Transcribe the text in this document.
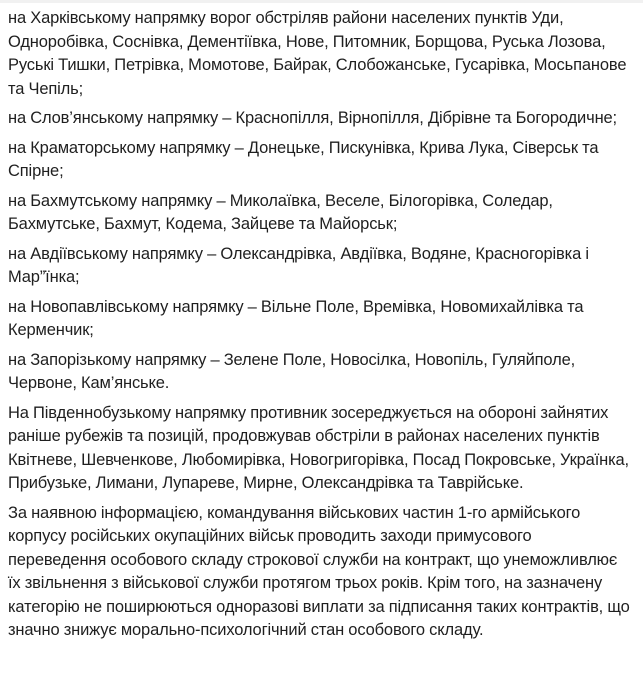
на Харківському напрямку ворог обстріляв райони населених пунктів Уди, Одноробівка, Соснівка, Дементіївка, Нове, Питомник, Борщова, Руська Лозова, Руські Тишки, Петрівка, Момотове, Байрак, Слобожанське, Гусарівка, Мосьпанове та Чепіль;

на Слов’янському напрямку – Краснопілля, Вірнопілля, Дібрівне та Богородичне;

на Краматорському напрямку – Донецьке, Пискунівка, Крива Лука, Сіверськ та Спірне;

на Бахмутському напрямку – Миколаївка, Веселе, Білогорівка, Соледар, Бахмутське, Бахмут, Кодема, Зайцеве та Майорськ;

на Авдіївському напрямку – Олександрівка, Авдіївка, Водяне, Красногорівка і Мар”їнка;

на Новопавлівському напрямку – Вільне Поле, Времівка, Новомихайлівка та Керменчик;

на Запорізькому напрямку – Зелене Поле, Новосілка, Новопіль, Гуляйполе, Червоне, Кам’янське.

На Південнобузькому напрямку противник зосереджується на обороні зайнятих раніше рубежів та позицій, продовжував обстріли в районах населених пунктів Квітневе, Шевченкове, Любомирівка, Новогригорівка, Посад Покровське, Українка, Прибузьке, Лимани, Лупареве, Мирне, Олександрівка та Таврійське.

За наявною інформацією, командування військових частин 1-го армійського корпусу російських окупаційних військ проводить заходи примусового переведення особового складу строкової служби на контракт, що унеможливлює їх звільнення з військової служби протягом трьох років. Крім того, на зазначену категорію не поширюються одноразові виплати за підписання таких контрактів, що значно знижує морально-психологічний стан особового складу.
